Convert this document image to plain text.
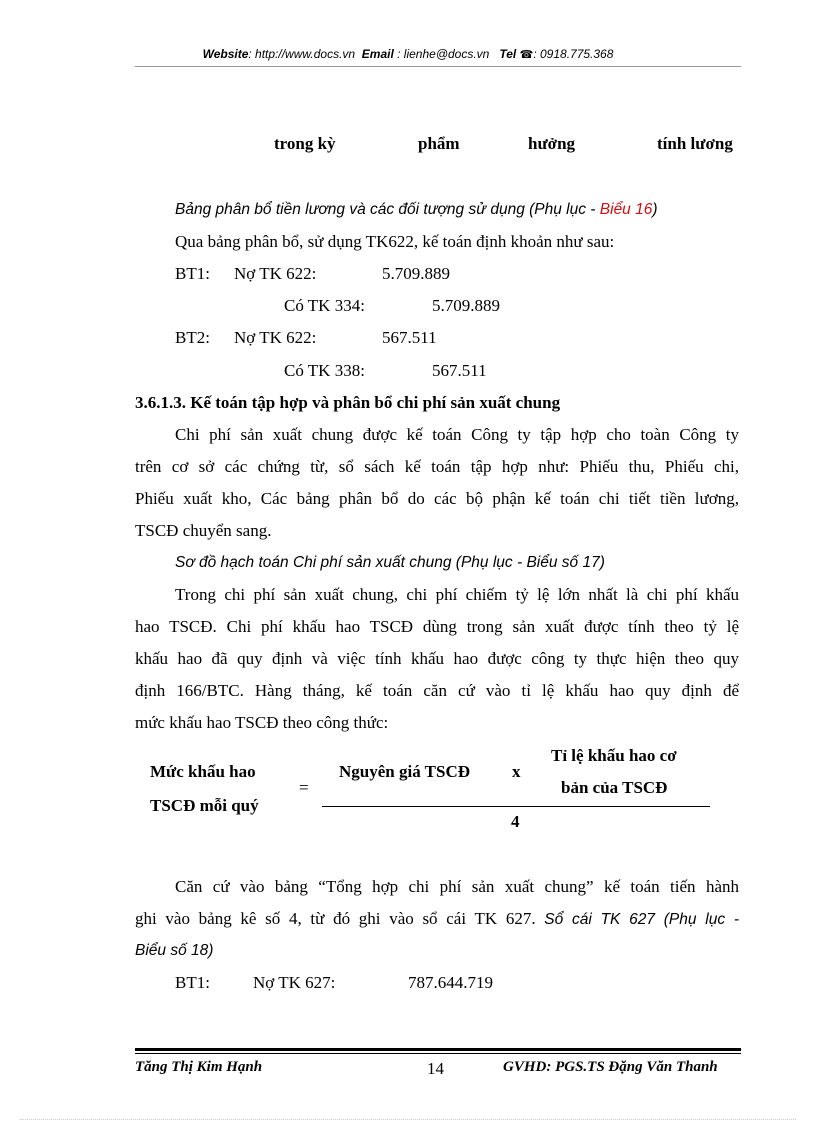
Website: http://www.docs.vn Email : lienhe@docs.vn Tel ☎: 0918.775.368
trong kỳ	phẩm	hưởng	tính lương
Bảng phân bổ tiền lương và các đối tượng sử dụng (Phụ lục - Biểu 16)
Qua bảng phân bổ, sử dụng TK622, kế toán định khoản như sau:
BT1: Nợ TK 622:	5.709.889
Có TK 334:	5.709.889
BT2: Nợ TK 622:	567.511
Có TK 338:	567.511
3.6.1.3. Kế toán tập hợp và phân bổ chi phí sản xuất chung
Chi phí sản xuất chung được kế toán Công ty tập hợp cho toàn Công ty
trên cơ sở các chứng từ, sổ sách kế toán tập hợp như: Phiếu thu, Phiếu chi,
Phiếu xuất kho, Các bảng phân bổ do các bộ phận kế toán chi tiết tiền lương,
TSCĐ chuyển sang.
Sơ đồ hạch toán Chi phí sản xuất chung (Phụ lục - Biểu số 17)
Trong chi phí sản xuất chung, chi phí chiếm tỷ lệ lớn nhất là chi phí khấu
hao TSCĐ. Chi phí khấu hao TSCĐ dùng trong sản xuất được tính theo tỷ lệ
khấu hao đã quy định và việc tính khấu hao được công ty thực hiện theo quy
định 166/BTC. Hàng tháng, kế toán căn cứ vào tỉ lệ khấu hao quy định để
mức khấu hao TSCĐ theo công thức:
Mức khấu hao
TSCĐ mỗi quý
=
Nguyên giá TSCĐ x
Tỉ lệ khấu hao cơ
bản của TSCĐ
4
Căn cứ vào bảng “Tổng hợp chi phí sản xuất chung” kế toán tiến hành
ghi vào bảng kê số 4, từ đó ghi vào sổ cái TK 627. Sổ cái TK 627 (Phụ lục -
Biểu số 18)
BT1:	Nợ TK 627:	787.644.719
Tăng Thị Kim Hạnh	14	GVHD: PGS.TS Đặng Văn Thanh
